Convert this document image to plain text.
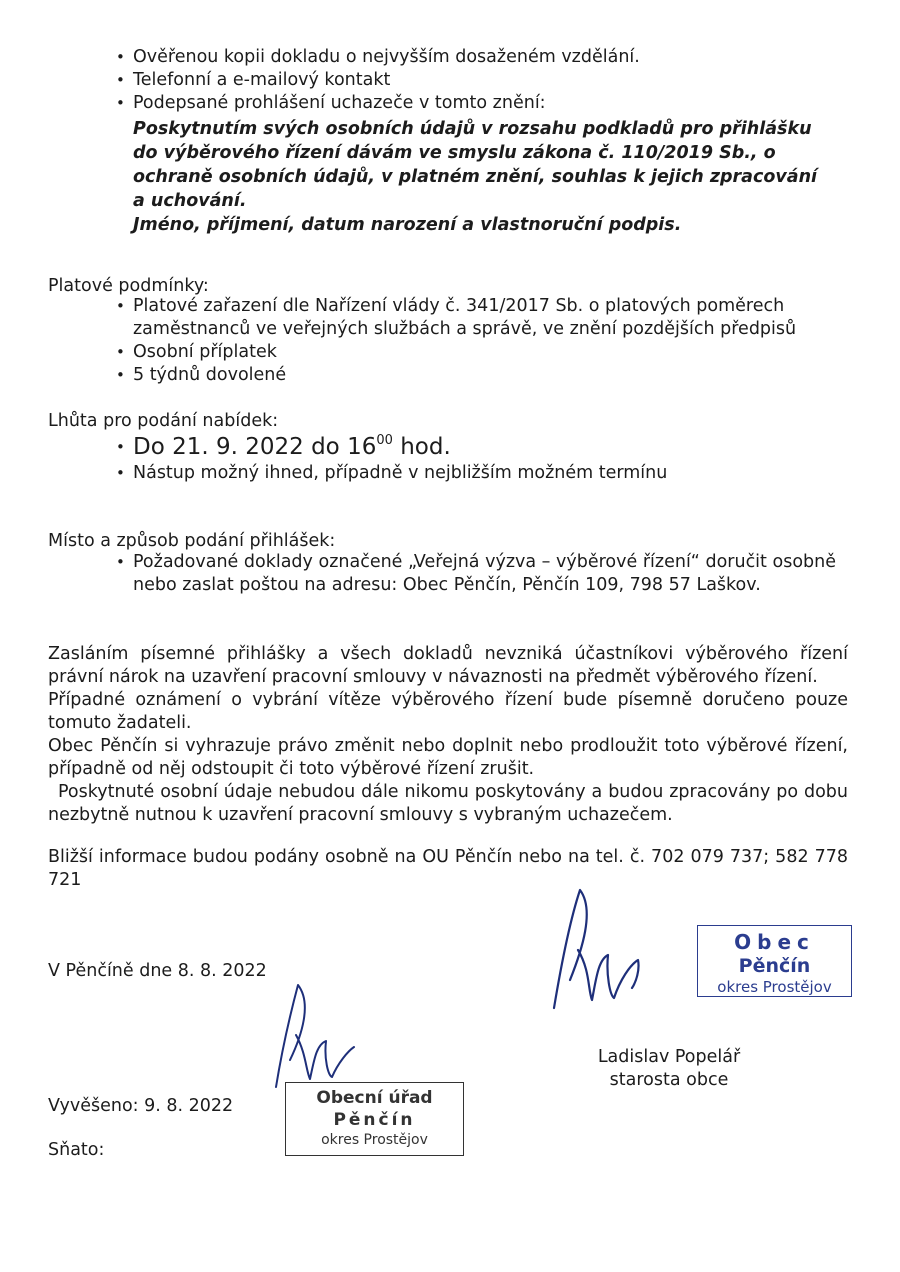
• Ověřenou kopii dokladu o nejvyšším dosaženém vzdělání.
• Telefonní a e-mailový kontakt
• Podepsané prohlášení uchazeče v tomto znění:
Poskytnutím svých osobních údajů v rozsahu podkladů pro přihlášku
do výběrového řízení dávám ve smyslu zákona č. 110/2019 Sb., o
ochraně osobních údajů, v platném znění, souhlas k jejich zpracování
a uchování.
Jméno, příjmení, datum narození a vlastnoruční podpis.
Platové podmínky:
• Platové zařazení dle Nařízení vlády č. 341/2017 Sb. o platových poměrech zaměstnanců ve veřejných službách a správě, ve znění pozdějších předpisů
• Osobní příplatek
• 5 týdnů dovolené
Lhůta pro podání nabídek:
• Do 21. 9. 2022 do $16^{00}$ hod.
• Nástup možný ihned, případně v nejbližším možném termínu
Místo a způsob podání přihlášek:
• Požadované doklady označené „Veřejná výzva – výběrové řízení“ doručit osobně nebo zaslat poštou na adresu: Obec Pěnčín, Pěnčín 109, 798 57 Laškov.

Zasláním písemné přihlášky a všech dokladů nevzniká účastníkovi výběrového řízení právní nárok na uzavření pracovní smlouvy v návaznosti na předmět výběrového řízení.

Případné oznámení o vybrání vítěze výběrového řízení bude písemně doručeno pouze tomuto žadateli.

Obec Pěnčín si vyhrazuje právo změnit nebo doplnit nebo prodloužit toto výběrové řízení, případně od něj odstoupit či toto výběrové řízení zrušit.

Poskytnuté osobní údaje nebudou dále nikomu poskytovány a budou zpracovány po dobu nezbytně nutnou k uzavření pracovní smlouvy s vybraným uchazečem.

Bližší informace budou podány osobně na OU Pěnčín nebo na tel. č. 702 079 737; 582 778 721
V Pěnčíně dne 8. 8. 2022
Vyvěšeno: 9. 8. 2022
Sňato:
Ladislav Popelář
starosta obce
Obec
Pěnčín
okres Prostějov
Obecní úřad
Pěnčín
okres Prostějov
